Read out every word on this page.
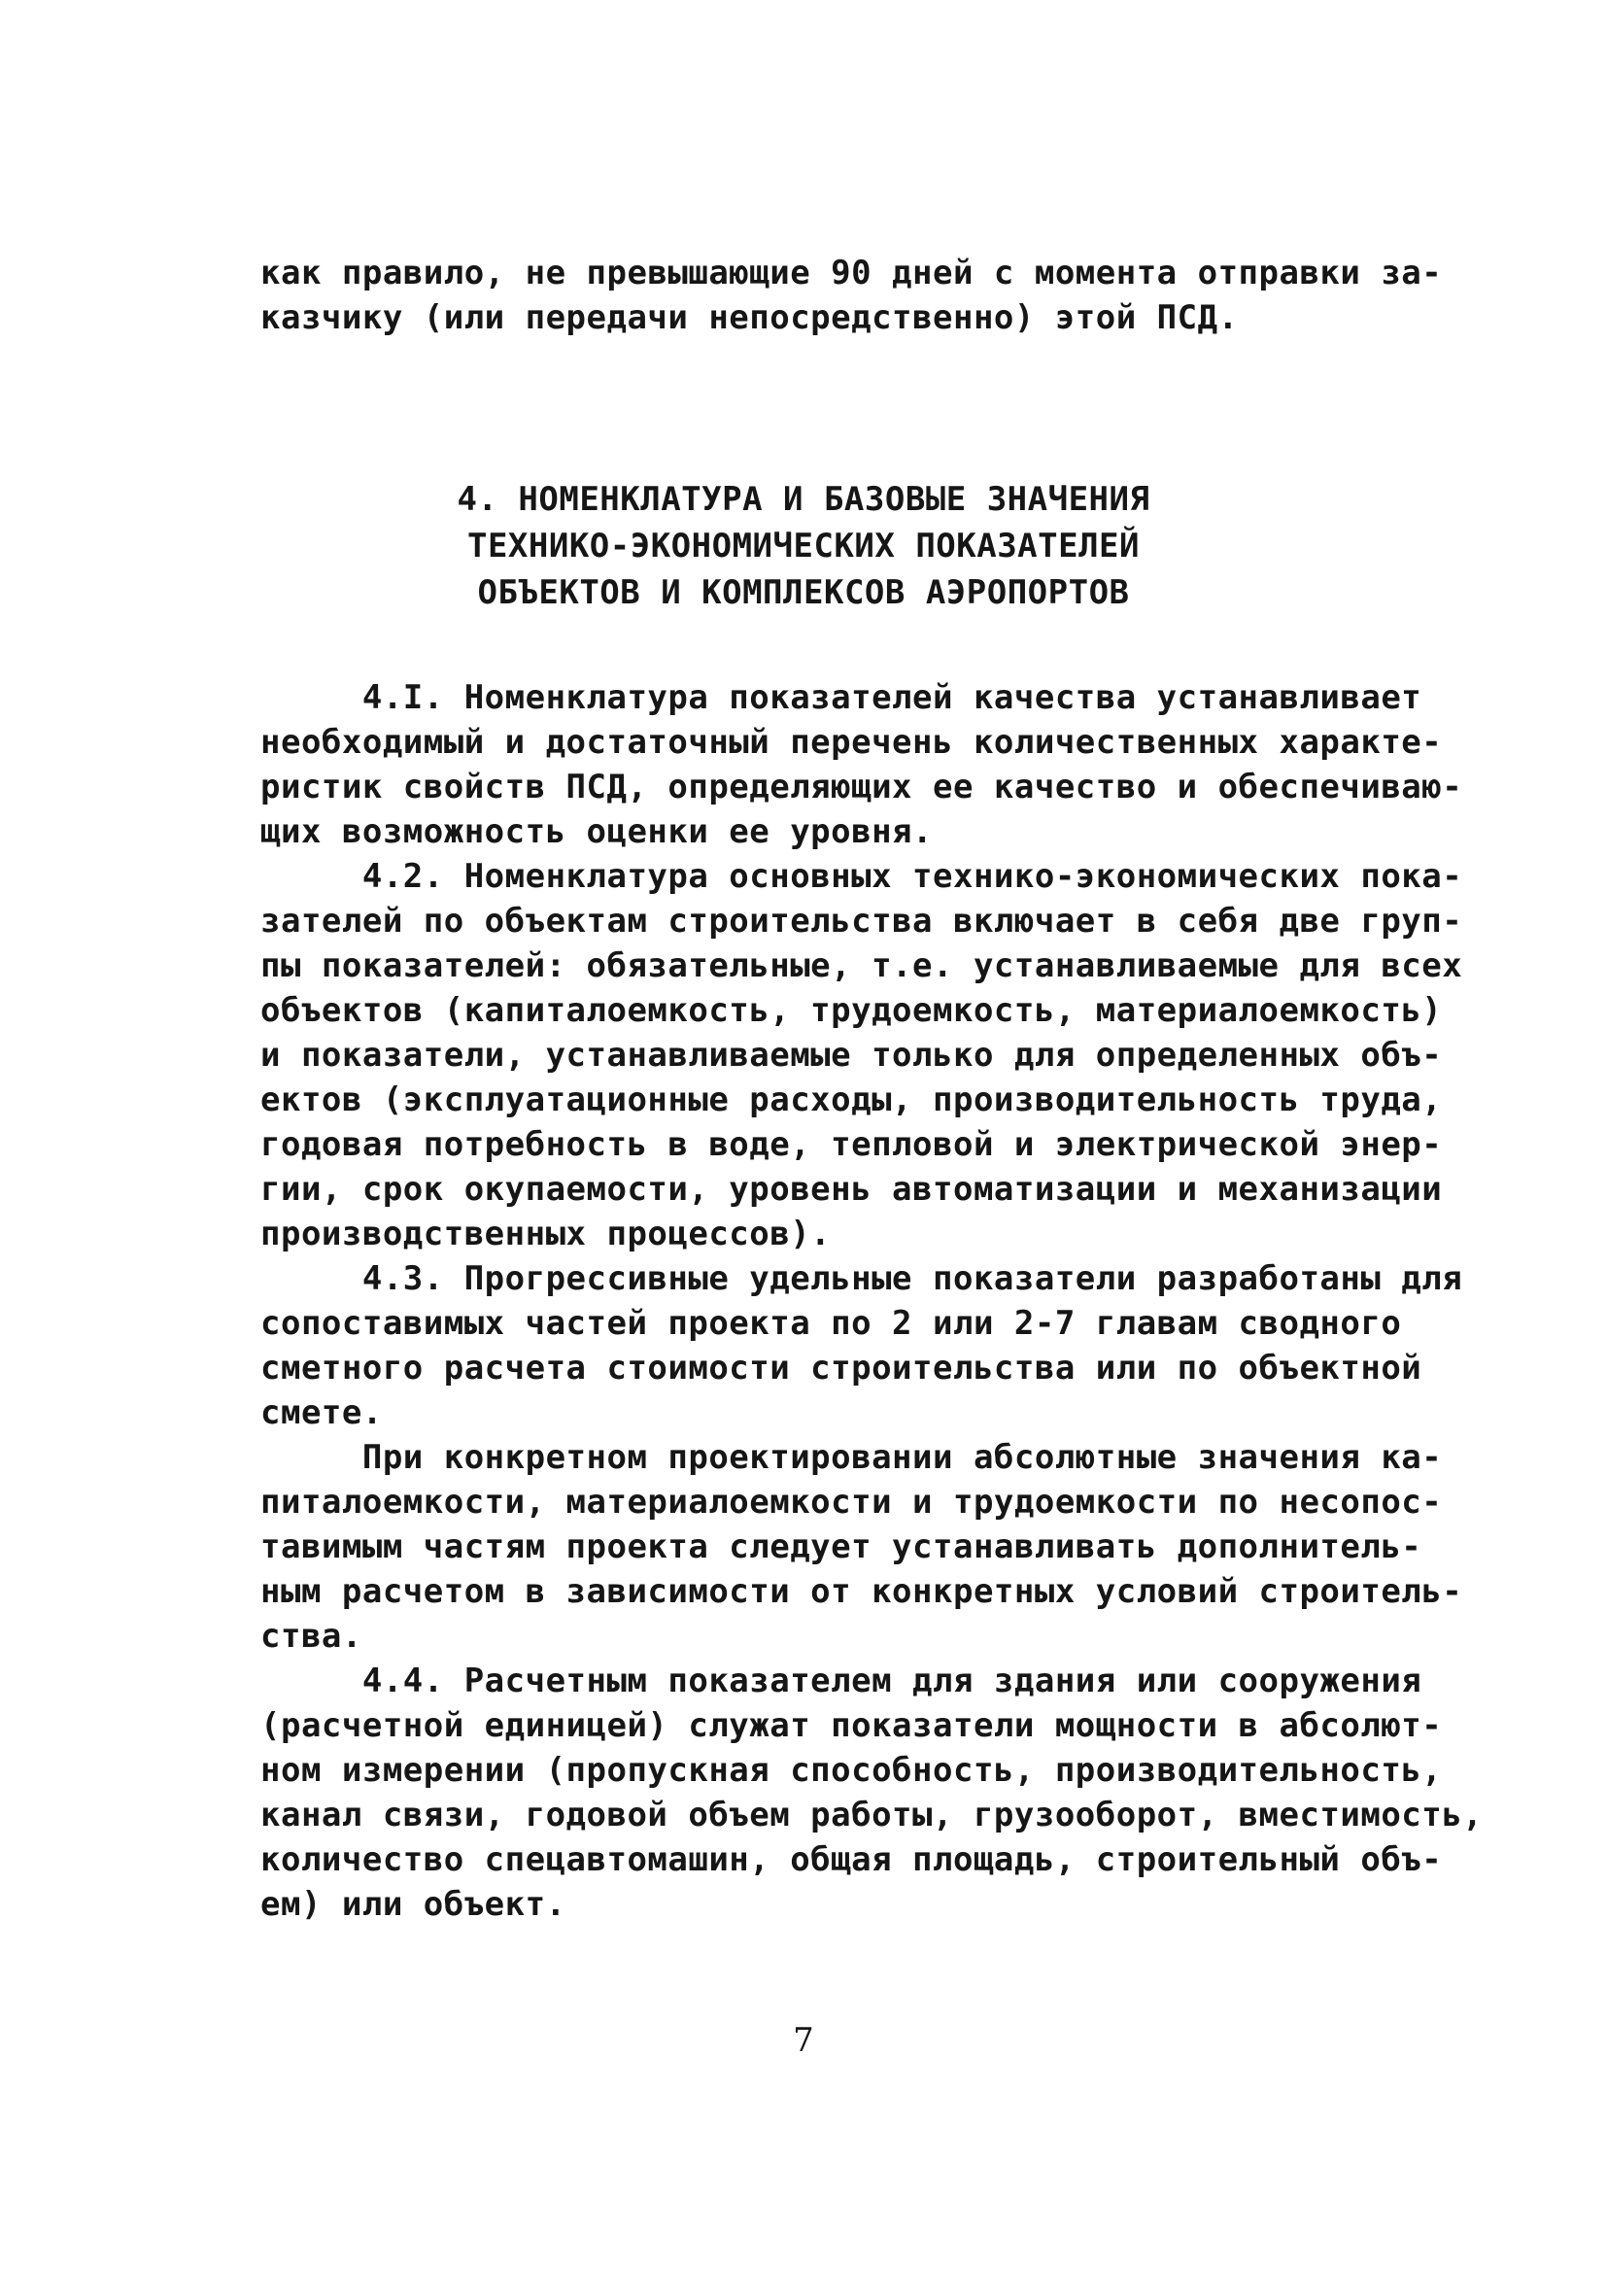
как правило, не превышающие 90 дней с момента отправки за-
казчику (или передачи непосредственно) этой ПСД.
4. НОМЕНКЛАТУРА И БАЗОВЫЕ ЗНАЧЕНИЯ
ТЕХНИКО-ЭКОНОМИЧЕСКИХ ПОКАЗАТЕЛЕЙ
ОБЪЕКТОВ И КОМПЛЕКСОВ АЭРОПОРТОВ
4.I. Номенклатура показателей качества устанавливает
необходимый и достаточный перечень количественных характе-
ристик свойств ПСД, определяющих ее качество и обеспечиваю-
щих возможность оценки ее уровня.
4.2. Номенклатура основных технико-экономических пока-
зателей по объектам строительства включает в себя две груп-
пы показателей: обязательные, т.е. устанавливаемые для всех
объектов (капиталоемкость, трудоемкость, материалоемкость)
и показатели, устанавливаемые только для определенных объ-
ектов (эксплуатационные расходы, производительность труда,
годовая потребность в воде, тепловой и электрической энер-
гии, срок окупаемости, уровень автоматизации и механизации
производственных процессов).
4.3. Прогрессивные удельные показатели разработаны для
сопоставимых частей проекта по 2 или 2-7 главам сводного
сметного расчета стоимости строительства или по объектной
смете.
При конкретном проектировании абсолютные значения ка-
питалоемкости, материалоемкости и трудоемкости по несопос-
тавимым частям проекта следует устанавливать дополнитель-
ным расчетом в зависимости от конкретных условий строитель-
ства.
4.4. Расчетным показателем для здания или сооружения
(расчетной единицей) служат показатели мощности в абсолют-
ном измерении (пропускная способность, производительность,
канал связи, годовой объем работы, грузооборот, вместимость,
количество спецавтомашин, общая площадь, строительный объ-
ем) или объект.
7
